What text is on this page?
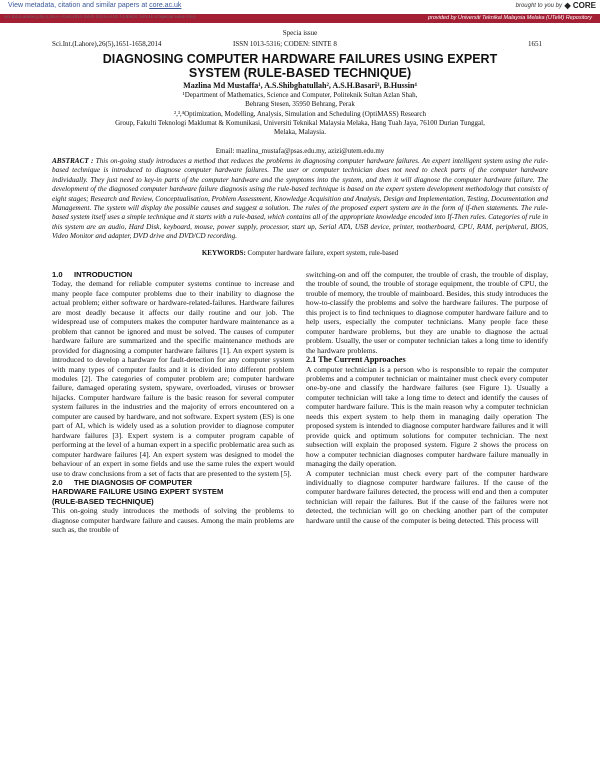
View metadata, citation and similar papers at core.ac.uk	brought to you by ◆ CORE
Sci.Int.(Lahore),26(5),1651-1658,2014 ISSN 1013-5316; CODEN: SINTE 8 Special issue 1651	provided by Universiti Teknikal Malaysia Melaka (UTeM) Repository
Specia issue
Sci.Int.(Lahore),26(5),1651-1658,2014	ISSN 1013-5316; CODEN: SINTE 8	1651
DIAGNOSING COMPUTER HARDWARE FAILURES USING EXPERT
SYSTEM (RULE-BASED TECHNIQUE)
Mazlina Md Mustaffa¹, A.S.Shibghatullah², A.S.H.Basari³, B.Hussin⁴
¹Department of Mathematics, Science and Computer, Politeknik Sultan Azlan Shah,
Behrang Stesen, 35950 Behrang, Perak
²,³,⁴Optimization, Modelling, Analysis, Simulation and Scheduling (OptiMASS) Research
Group, Fakulti Teknologi Maklumat & Komunikasi, Universiti Teknikal Malaysia Melaka, Hang Tuah Jaya, 76100 Durian Tunggal,
Melaka, Malaysia.
Email: mazlina_mustafa@psas.edu.my, azizi@utem.edu.my
ABSTRACT : This on-going study introduces a method that reduces the problems in diagnosing computer hardware failures. An expert intelligent system using the rule-based technique is introduced to diagnose computer hardware failures. The user or computer technician does not need to check parts of the computer hardware individually. They just need to key-in parts of the computer hardware and the symptoms into the system, and then it will diagnose the computer hardware failure. The development of the diagnosed computer hardware failure diagnosis using the rule-based technique is based on the expert system development methodology that consists of eight stages; Research and Review, Conceptualisation, Problem Assessment, Knowledge Acquisition and Analysis, Design and Implementation, Testing, Documentation and Management. The system will display the possible causes and suggest a solution. The rules of the proposed expert system are in the form of if-then statements. The rule-based system itself uses a simple technique and it starts with a rule-based, which contains all of the appropriate knowledge encoded into If-Then rules. Categories of rule in this system are an audio, Hard Disk, keyboard, mouse, power supply, processor, start up, Serial ATA, USB device, printer, motherboard, CPU, RAM, peripheral, BIOS, Video Monitor and adapter, DVD drive and DVD/CD recording.
KEYWORDS: Computer hardware failure, expert system, rule-based

1.0 INTRODUCTION

Today, the demand for reliable computer systems continue to increase and many people face computer problems due to their inability to diagnose the actual problem; either software or hardware-related-failures. Hardware failures are most deadly because it affects our daily routine and our job. The widespread use of computers makes the computer hardware maintenance as a problem that cannot be ignored and must be solved. The causes of computer hardware failure are summarized and the specific maintenance methods are provided for diagnosing a computer hardware failures [1]. An expert system is introduced to develop a hardware for fault-detection for any computer system with many types of computer faults and it is divided into different problem modules [2]. The categories of computer problem are; computer hardware failure, damaged operating system, spyware, overloaded, viruses or browser hijacks. Computer hardware failure is the basic reason for several computer system failures in the industries and the majority of errors encountered on a computer are caused by hardware, and not software. Expert system (ES) is one part of AI, which is widely used as a solution provider to diagnose computer hardware failures [3]. Expert system is a computer program capable of performing at the level of a human expert in a specific problematic area such as computer hardware failures [4]. An expert system was designed to model the behaviour of an expert in some fields and use the same rules the expert would use to draw conclusions from a set of facts that are presented to the system [5].

2.0 THE DIAGNOSIS OF COMPUTER
HARDWARE FAILURE USING EXPERT SYSTEM
(RULE-BASED TECHNIQUE)

This on-going study introduces the methods of solving the problems to diagnose computer hardware failure and causes. Among the main problems are such as, the trouble of

switching-on and off the computer, the trouble of crash, the trouble of display, the trouble of sound, the trouble of storage equipment, the trouble of CPU, the trouble of memory, the trouble of mainboard. Besides, this study introduces the how-to-classify the problems and solve the hardware failures. The purpose of this project is to find techniques to diagnose computer hardware failure and to help users, especially the computer technicians. Many people face these computer hardware problems, but they are unable to diagnose the actual problem. Usually, the user or computer technician takes a long time to identify the hardware problems.

2.1 The Current Approaches

A computer technician is a person who is responsible to repair the computer problems and a computer technician or maintainer must check every computer one-by-one and classify the hardware failures (see Figure 1). Usually a computer technician will take a long time to detect and identify the causes of computer hardware failure. This is the main reason why a computer technician needs this expert system to help them in managing daily operation The proposed system is intended to diagnose computer hardware failures and it will provide quick and optimum solutions for computer technician. The next subsection will explain the proposed system. Figure 2 shows the process on how a computer technician diagnoses computer hardware failure manually in managing the daily operation.

A computer technician must check every part of the computer hardware individually to diagnose computer hardware failures. If the cause of the computer hardware failures detected, the process will end and then a computer technician will repair the failures. But if the cause of the failures were not detected, the technician will go on checking another part of the computer hardware until the cause of the computer is being detected. This process will
